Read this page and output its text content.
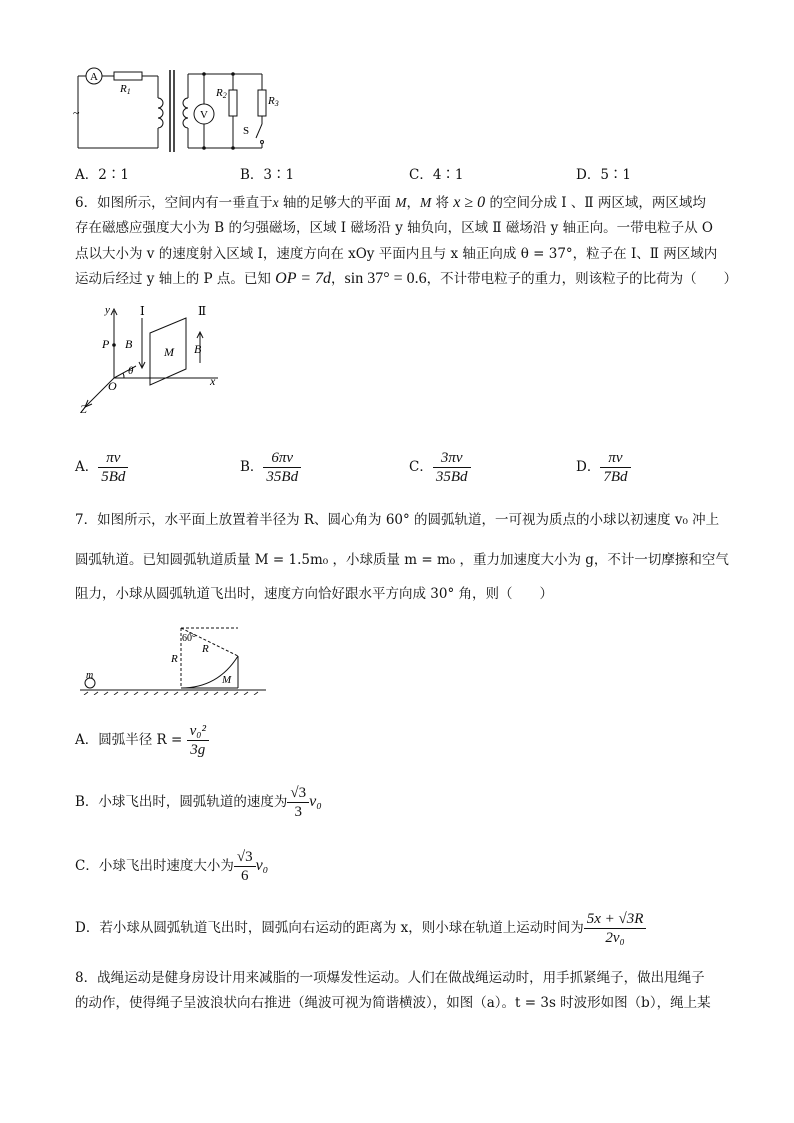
A
R1
~	V
R2	R3
S
A．2∶1	B．3∶1	C．4∶1	D．5∶1
6．如图所示，空间内有一垂直于x 轴的足够大的平面 M，M 将 x ≥ 0 的空间分成 Ⅰ 、Ⅱ 两区域，两区域均
存在磁感应强度大小为 B 的匀强磁场，区域 Ⅰ 磁场沿 y 轴负向，区域 Ⅱ 磁场沿 y 轴正向。一带电粒子从 O
点以大小为 v 的速度射入区域 Ⅰ，速度方向在 xOy 平面内且与 x 轴正向成 θ = 37°，粒子在 Ⅰ、Ⅱ 两区域内
运动后经过 y 轴上的 P 点。已知 OP = 7d，sin 37° = 0.6，不计带电粒子的重力，则该粒子的比荷为（　　）
y
P B
Ⅰ
M
Ⅱ
B
θ
O	x
Z
A． $\frac{\pi v}{5Bd}$	B． $\frac{6\pi v}{35Bd}$	C． $\frac{3\pi v}{35Bd}$	D． $\frac{\pi v}{7Bd}$
7．如图所示，水平面上放置着半径为 R、圆心角为 60° 的圆弧轨道，一可视为质点的小球以初速度 v₀ 冲上
圆弧轨道。已知圆弧轨道质量 M = 1.5m₀ ，小球质量 m = m₀ ，重力加速度大小为 g，不计一切摩擦和空气
阻力，小球从圆弧轨道飞出时，速度方向恰好跟水平方向成 30° 角，则（　　）
60°
R
R
m	M
A．圆弧半径 $R = \frac{\text{v₀²}}{3g}$
B．小球飞出时，圆弧轨道的速度为 $\frac{√3}{3} v_0$
C．小球飞出时速度大小为 $\frac{√3}{6} v_0$
D．若小球从圆弧轨道飞出时，圆弧向右运动的距离为 x，则小球在轨道上运动时间为 $\frac{5x + √3R}{\text{2v₀}}$
8．战绳运动是健身房设计用来减脂的一项爆发性运动。人们在做战绳运动时，用手抓紧绳子，做出甩绳子
的动作，使得绳子呈波浪状向右推进（绳波可视为简谐横波），如图（a）。t = 3s 时波形如图（b），绳上某
